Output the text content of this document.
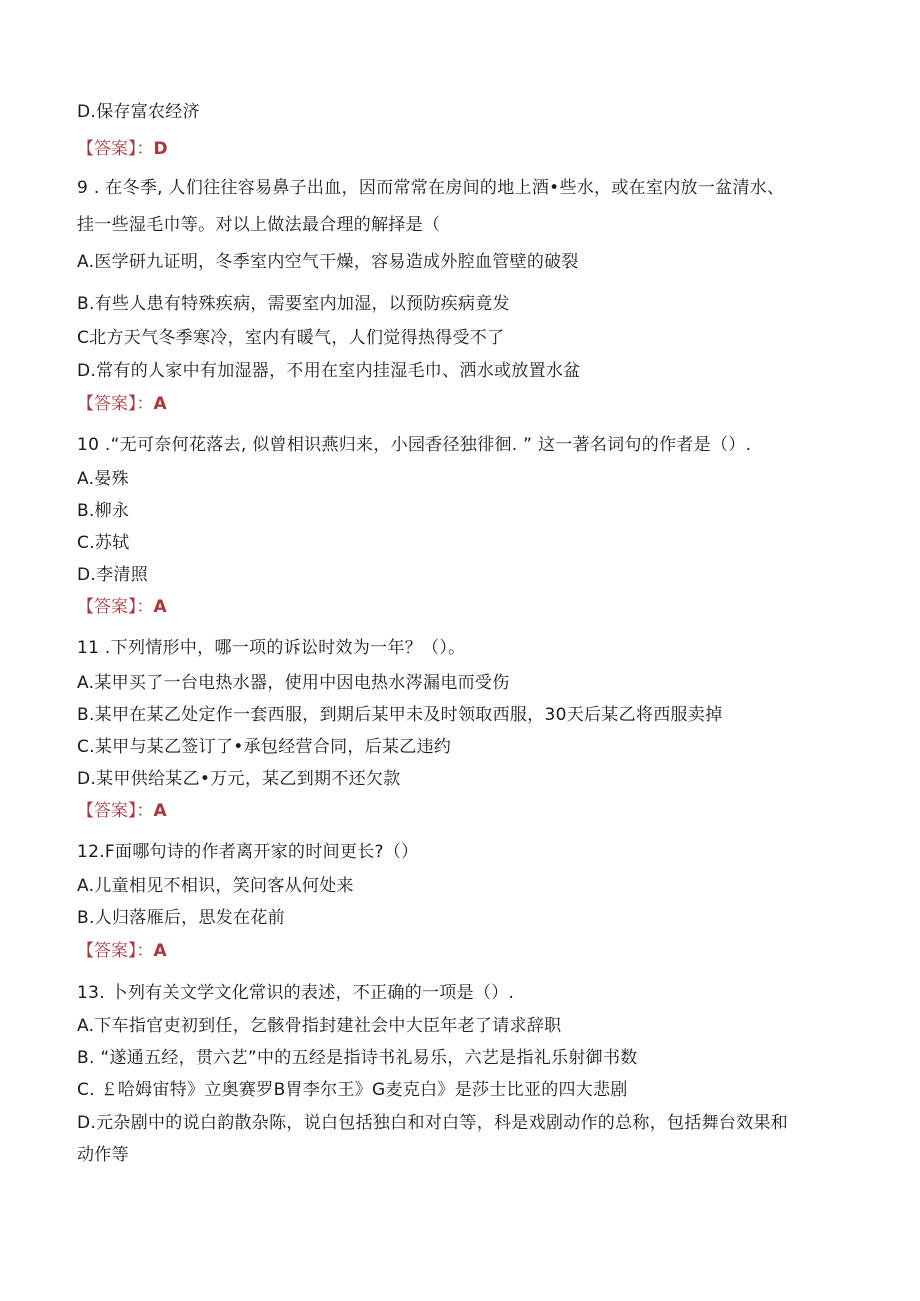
D.保存富农经济
【答案】：D
9 . 在冬季, 人们往往容易鼻子出血，因而常常在房间的地上酒•些水，或在室内放一盆清水、
挂一些湿毛巾等。对以上做法最合理的解择是（
A.医学研九证明，冬季室内空气干燥，容易造成外腔血管壁的破裂
B.有些人患有特殊疾病，需要室内加湿，以预防疾病竟发
C北方天气冬季寒冷，室内有暖气，人们觉得热得受不了
D.常有的人家中有加湿器，不用在室内挂湿毛巾、洒水或放置水盆
【答案】：A
10 .“无可奈何花落去, 似曾相识燕归来，小园香径独徘徊. ” 这一著名词句的作者是（）.
A.晏殊
B.柳永
C.苏轼
D.李清照
【答案】：A
11 .下列情形中，哪一项的诉讼时效为一年？（）。
A.某甲买了一台电热水器，使用中因电热水涔漏电而受伤
B.某甲在某乙处定作一套西服，到期后某甲未及时领取西服，30天后某乙将西服卖掉
C.某甲与某乙签订了•承包经营合同，后某乙违约
D.某甲供给某乙•万元，某乙到期不还欠款
【答案】：A
12.F面哪句诗的作者离开家的时间更长?（）
A.儿童相见不相识，笑问客从何处来
B.人归落雁后，思发在花前
【答案】：A
13. 卜列有关文学文化常识的表述，不正确的一项是（）.
A.下车指官吏初到任，乞骸骨指封建社会中大臣年老了请求辞职
B. “遂通五经，贯六艺”中的五经是指诗书礼易乐，六艺是指礼乐射御书数
C. ￡哈姆宙特》立奥赛罗B胃李尔王》G麦克白》是莎士比亚的四大悲剧
D.元杂剧中的说白韵散杂陈，说白包括独白和对白等，科是戏剧动作的总称，包括舞台效果和
动作等
